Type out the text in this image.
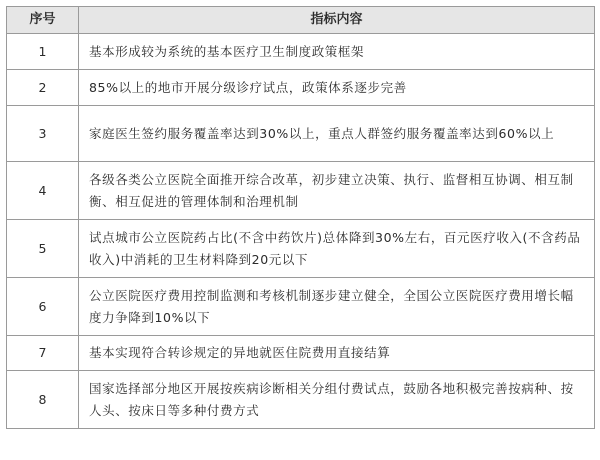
序号	指标内容
1	基本形成较为系统的基本医疗卫生制度政策框架
2	85%以上的地市开展分级诊疗试点，政策体系逐步完善
3	家庭医生签约服务覆盖率达到30%以上，重点人群签约服务覆盖率达到60%以上
4	各级各类公立医院全面推开综合改革，初步建立决策、执行、监督相互协调、相互制衡、相互促进的管理体制和治理机制
5	试点城市公立医院药占比(不含中药饮片)总体降到30%左右，百元医疗收入(不含药品收入)中消耗的卫生材料降到20元以下
6	公立医院医疗费用控制监测和考核机制逐步建立健全，全国公立医院医疗费用增长幅度力争降到10%以下
7	基本实现符合转诊规定的异地就医住院费用直接结算
8	国家选择部分地区开展按疾病诊断相关分组付费试点，鼓励各地积极完善按病种、按人头、按床日等多种付费方式
